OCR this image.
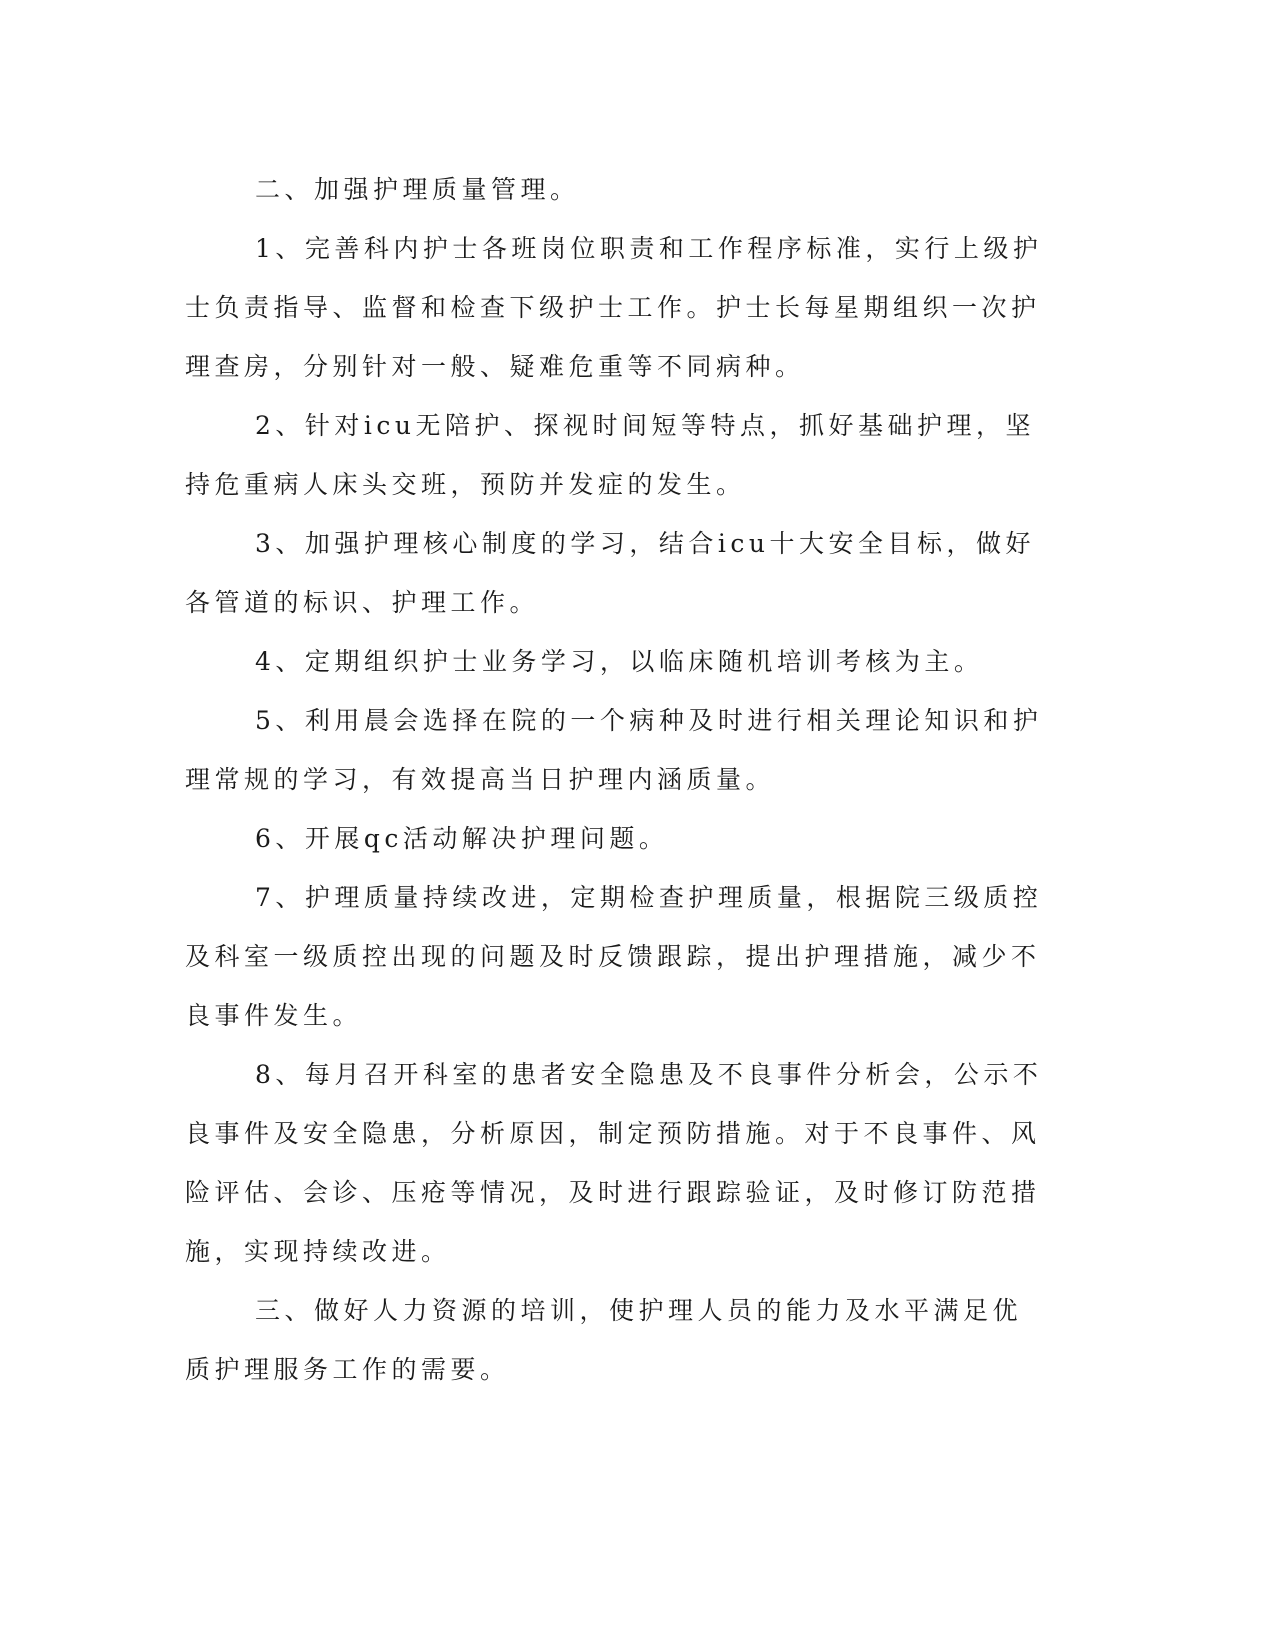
二、加强护理质量管理。

1、完善科内护士各班岗位职责和工作程序标准，实行上级护士负责指导、监督和检查下级护士工作。护士长每星期组织一次护理查房，分别针对一般、疑难危重等不同病种。

2、针对icu无陪护、探视时间短等特点，抓好基础护理，坚持危重病人床头交班，预防并发症的发生。

3、加强护理核心制度的学习，结合icu十大安全目标，做好各管道的标识、护理工作。

4、定期组织护士业务学习，以临床随机培训考核为主。

5、利用晨会选择在院的一个病种及时进行相关理论知识和护理常规的学习，有效提高当日护理内涵质量。

6、开展qc活动解决护理问题。

7、护理质量持续改进，定期检查护理质量，根据院三级质控及科室一级质控出现的问题及时反馈跟踪，提出护理措施，减少不良事件发生。

8、每月召开科室的患者安全隐患及不良事件分析会，公示不良事件及安全隐患，分析原因，制定预防措施。对于不良事件、风险评估、会诊、压疮等情况，及时进行跟踪验证，及时修订防范措施，实现持续改进。

三、做好人力资源的培训，使护理人员的能力及水平满足优质护理服务工作的需要。
